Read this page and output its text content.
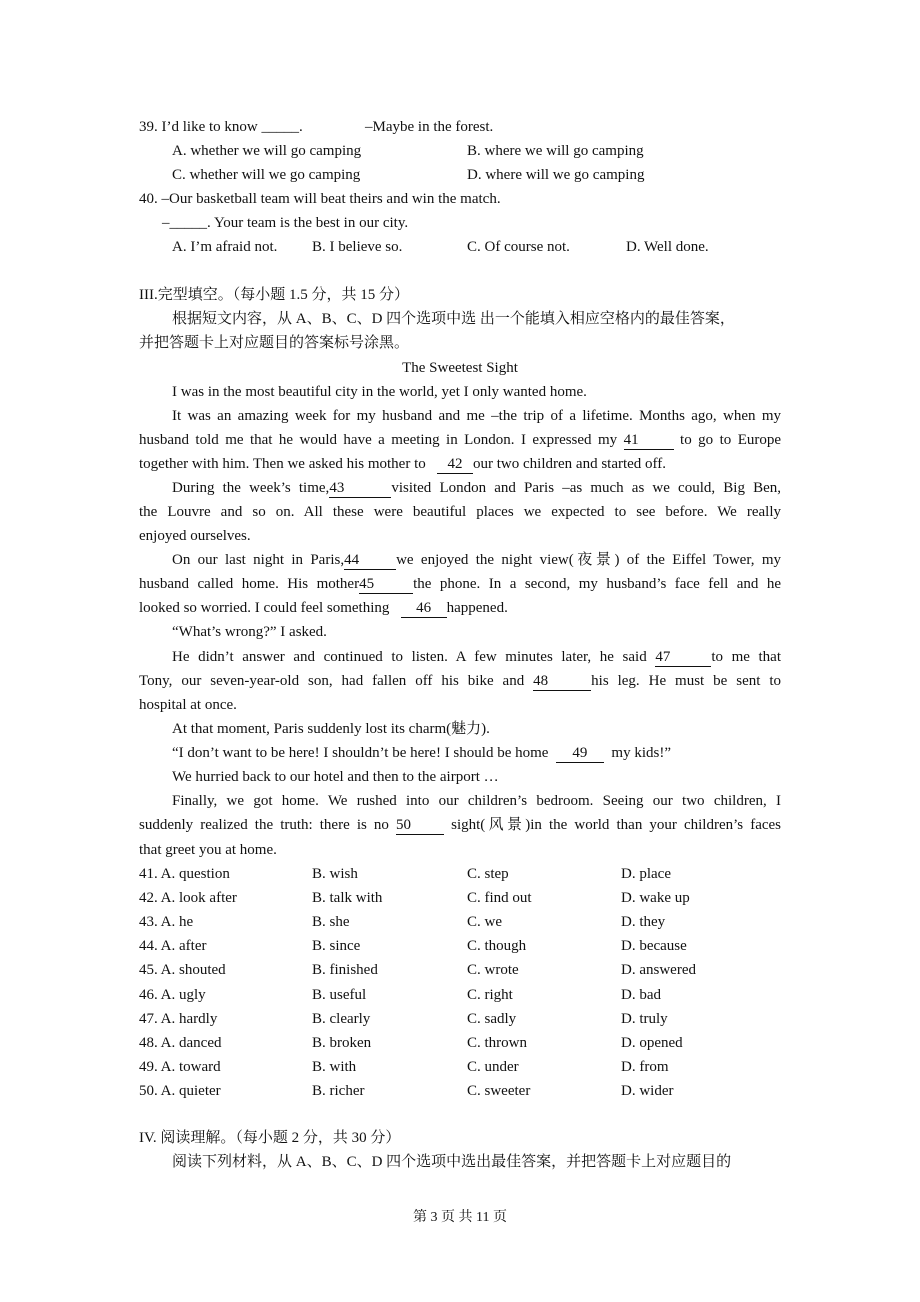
39. I’d like to know _____.	–Maybe in the forest.
A. whether we will go camping	B. where we will go camping
C. whether will we go camping	D. where will we go camping
40. –Our basketball team will beat theirs and win the match.
–_____. Your team is the best in our city.
A. I’m afraid not. B. I believe so.	C. Of course not.	D. Well done.
III.完型填空。（每小题 1.5 分，共 15 分）
根据短文内容，从 A、B、C、D 四个选项中选 出一个能填入相应空格内的最佳答案，
并把答题卡上对应题目的答案标号涂黑。
The Sweetest Sight
I was in the most beautiful city in the world, yet I only wanted home.
It was an amazing week for my husband and me –the trip of a lifetime. Months ago, when my
husband told me that he would have a meeting in London. I expressed my 41	to go to Europe
together with him. Then we asked his mother to 42 our two children and started off.
During the week’s time,43	visited London and Paris –as much as we could, Big Ben,
the Louvre and so on. All these were beautiful places we expected to see before. We really
enjoyed ourselves.
On our last night in Paris,44 we enjoyed the night view(夜景) of the Eiffel Tower, my
husband called home. His mother45	the phone. In a second, my husband’s face fell and he
looked so worried. I could feel something 46 happened.
“What’s wrong?” I asked.
He didn’t answer and continued to listen. A few minutes later, he said 47	to me that
Tony, our seven-year-old son, had fallen off his bike and 48	his leg. He must be sent to
hospital at once.
At that moment, Paris suddenly lost its charm(魅力).
“I don’t want to be here! I shouldn’t be here! I should be home 49 my kids!”
We hurried back to our hotel and then to the airport …
Finally, we got home. We rushed into our children’s bedroom. Seeing our two children, I
suddenly realized the truth: there is no 50	sight(风景)in the world than your children’s faces
that greet you at home.
41. A. question	B. wish	C. step	D. place
42. A. look after	B. talk with	C. find out	D. wake up
43. A. he	B. she	C. we	D. they
44. A. after	B. since	C. though	D. because
45. A. shouted	B. finished	C. wrote	D. answered
46. A. ugly	B. useful	C. right	D. bad
47. A. hardly	B. clearly	C. sadly	D. truly
48. A. danced	B. broken	C. thrown	D. opened
49. A. toward	B. with	C. under	D. from
50. A. quieter	B. richer	C. sweeter	D. wider
IV. 阅读理解。（每小题 2 分，共 30 分）
阅读下列材料，从 A、B、C、D 四个选项中选出最佳答案，并把答题卡上对应题目的
第 3 页 共 11 页
